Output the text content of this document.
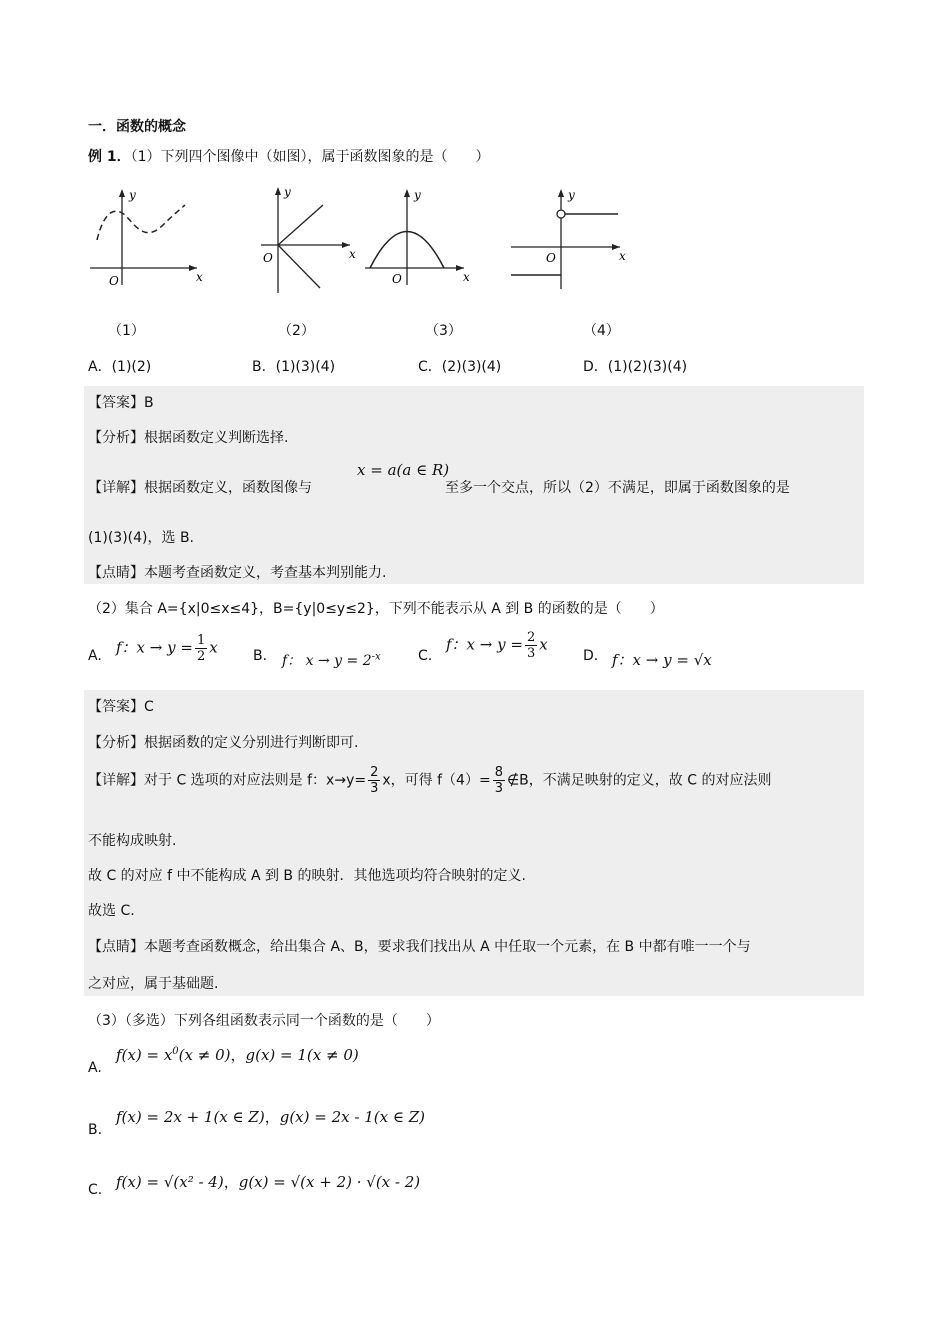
一．函数的概念
例 1．（1）下列四个图像中（如图），属于函数图象的是（　　）
y
x
O
y
x
O
y
x
O
y
x
O
（1）	（2）	（3）	（4）
A．(1)(2)	B．(1)(3)(4)	C．(2)(3)(4)	D．(1)(2)(3)(4)
【答案】B
【分析】根据函数定义判断选择.
【详解】根据函数定义，函数图像与
x = a(a ∈ R)
至多一个交点，所以（2）不满足，即属于函数图象的是
(1)(3)(4)，选 B.
【点睛】本题考查函数定义，考查基本判别能力.
（2）集合 A={x|0≤x≤4}，B={y|0≤y≤2}，下列不能表示从 A 到 B 的函数的是（　　）
A. f：$x \to y = \frac{1}{2}$ x	B. f： $x \to y = 2^{-x}$	C.
f：$x \to y = \frac{2}{3}$ x
D. f：x → y = √x
【答案】C
【分析】根据函数的定义分别进行判断即可.
【详解】对于 C 选项的对应法则是 f：$x\to y= \frac{2}{3}$ x，可得 $f(4)= \frac{8}{3}$ ∉B，不满足映射的定义，故 C 的对应法则
不能构成映射.
故 C 的对应 f 中不能构成 A 到 B 的映射．其他选项均符合映射的定义.
故选 C.
【点睛】本题考查函数概念，给出集合 A、B，要求我们找出从 A 中任取一个元素，在 B 中都有唯一一个与
之对应，属于基础题.
（3）（多选）下列各组函数表示同一个函数的是（　　）
A.
$f(x) = x^0(x \ne 0)$，g(x) = 1(x ≠ 0)
B.
f(x) = 2x + 1(x ∈ Z)，g(x) = 2x - 1(x ∈ Z)
C. f(x) = √(x² - 4)，g(x) = √(x + 2) · √(x - 2)
